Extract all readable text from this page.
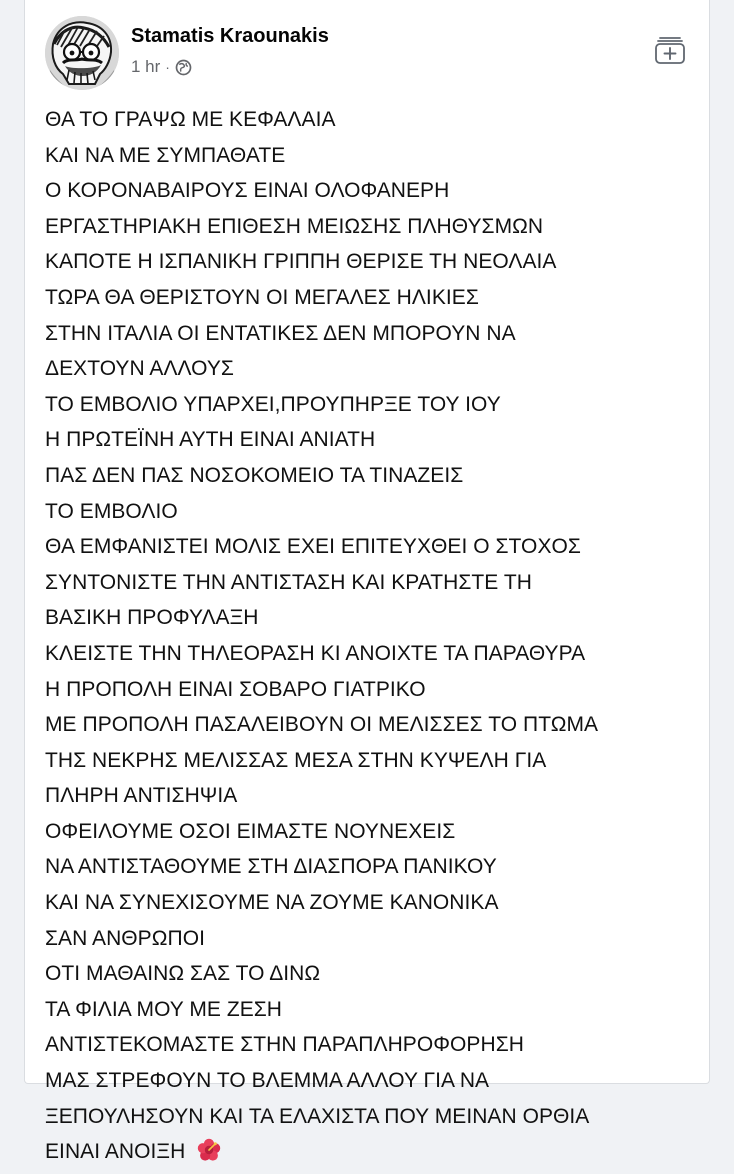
Stamatis Kraounakis
1 hr ·
ΘΑ ΤΟ ΓΡΑΨΩ ΜΕ ΚΕΦΑΛΑΙΑ
ΚΑΙ ΝΑ ΜΕ ΣΥΜΠΑΘΑΤΕ
Ο ΚΟΡΟΝΑΒΑΙΡΟΥΣ ΕΙΝΑΙ ΟΛΟΦΑΝΕΡΗ
ΕΡΓΑΣΤΗΡΙΑΚΗ ΕΠΙΘΕΣΗ ΜΕΙΩΣΗΣ ΠΛΗΘΥΣΜΩΝ
ΚΑΠΟΤΕ Η ΙΣΠΑΝΙΚΗ ΓΡΙΠΠΗ ΘΕΡΙΣΕ ΤΗ ΝΕΟΛΑΙΑ
ΤΩΡΑ ΘΑ ΘΕΡΙΣΤΟΥΝ ΟΙ ΜΕΓΑΛΕΣ ΗΛΙΚΙΕΣ
ΣΤΗΝ ΙΤΑΛΙΑ ΟΙ ΕΝΤΑΤΙΚΕΣ ΔΕΝ ΜΠΟΡΟΥΝ ΝΑ
ΔΕΧΤΟΥΝ ΑΛΛΟΥΣ
ΤΟ ΕΜΒΟΛΙΟ ΥΠΑΡΧΕΙ,ΠΡΟΥΠΗΡΞΕ ΤΟΥ ΙΟΥ
Η ΠΡΩΤΕΪΝΗ ΑΥΤΗ ΕΙΝΑΙ ΑΝΙΑΤΗ
ΠΑΣ ΔΕΝ ΠΑΣ ΝΟΣΟΚΟΜΕΙΟ ΤΑ ΤΙΝΑΖΕΙΣ
ΤΟ ΕΜΒΟΛΙΟ
ΘΑ ΕΜΦΑΝΙΣΤΕΙ ΜΟΛΙΣ ΕΧΕΙ ΕΠΙΤΕΥΧΘΕΙ Ο ΣΤΟΧΟΣ
ΣΥΝΤΟΝΙΣΤΕ ΤΗΝ ΑΝΤΙΣΤΑΣΗ ΚΑΙ ΚΡΑΤΗΣΤΕ ΤΗ
ΒΑΣΙΚΗ ΠΡΟΦΥΛΑΞΗ
ΚΛΕΙΣΤΕ ΤΗΝ ΤΗΛΕΟΡΑΣΗ ΚΙ ΑΝΟΙΧΤΕ ΤΑ ΠΑΡΑΘΥΡΑ
Η ΠΡΟΠΟΛΗ ΕΙΝΑΙ ΣΟΒΑΡΟ ΓΙΑΤΡΙΚΟ
ΜΕ ΠΡΟΠΟΛΗ ΠΑΣΑΛΕΙΒΟΥΝ ΟΙ ΜΕΛΙΣΣΕΣ ΤΟ ΠΤΩΜΑ
ΤΗΣ ΝΕΚΡΗΣ ΜΕΛΙΣΣΑΣ ΜΕΣΑ ΣΤΗΝ ΚΥΨΕΛΗ ΓΙΑ
ΠΛΗΡΗ ΑΝΤΙΣΗΨΙΑ
ΟΦΕΙΛΟΥΜΕ ΟΣΟΙ ΕΙΜΑΣΤΕ ΝΟΥΝΕΧΕΙΣ
ΝΑ ΑΝΤΙΣΤΑΘΟΥΜΕ ΣΤΗ ΔΙΑΣΠΟΡΑ ΠΑΝΙΚΟΥ
ΚΑΙ ΝΑ ΣΥΝΕΧΙΣΟΥΜΕ ΝΑ ΖΟΥΜΕ ΚΑΝΟΝΙΚΑ
ΣΑΝ ΑΝΘΡΩΠΟΙ
ΟΤΙ ΜΑΘΑΙΝΩ ΣΑΣ ΤΟ ΔΙΝΩ
ΤΑ ΦΙΛΙΑ ΜΟΥ ΜΕ ΖΕΣΗ
ΑΝΤΙΣΤΕΚΟΜΑΣΤΕ ΣΤΗΝ ΠΑΡΑΠΛΗΡΟΦΟΡΗΣΗ
ΜΑΣ ΣΤΡΕΦΟΥΝ ΤΟ ΒΛΕΜΜΑ ΑΛΛΟΥ ΓΙΑ ΝΑ
ΞΕΠΟΥΛΗΣΟΥΝ ΚΑΙ ΤΑ ΕΛΑΧΙΣΤΑ ΠΟΥ ΜΕΙΝΑΝ ΟΡΘΙΑ
ΕΙΝΑΙ ΑΝΟΙΞΗ
